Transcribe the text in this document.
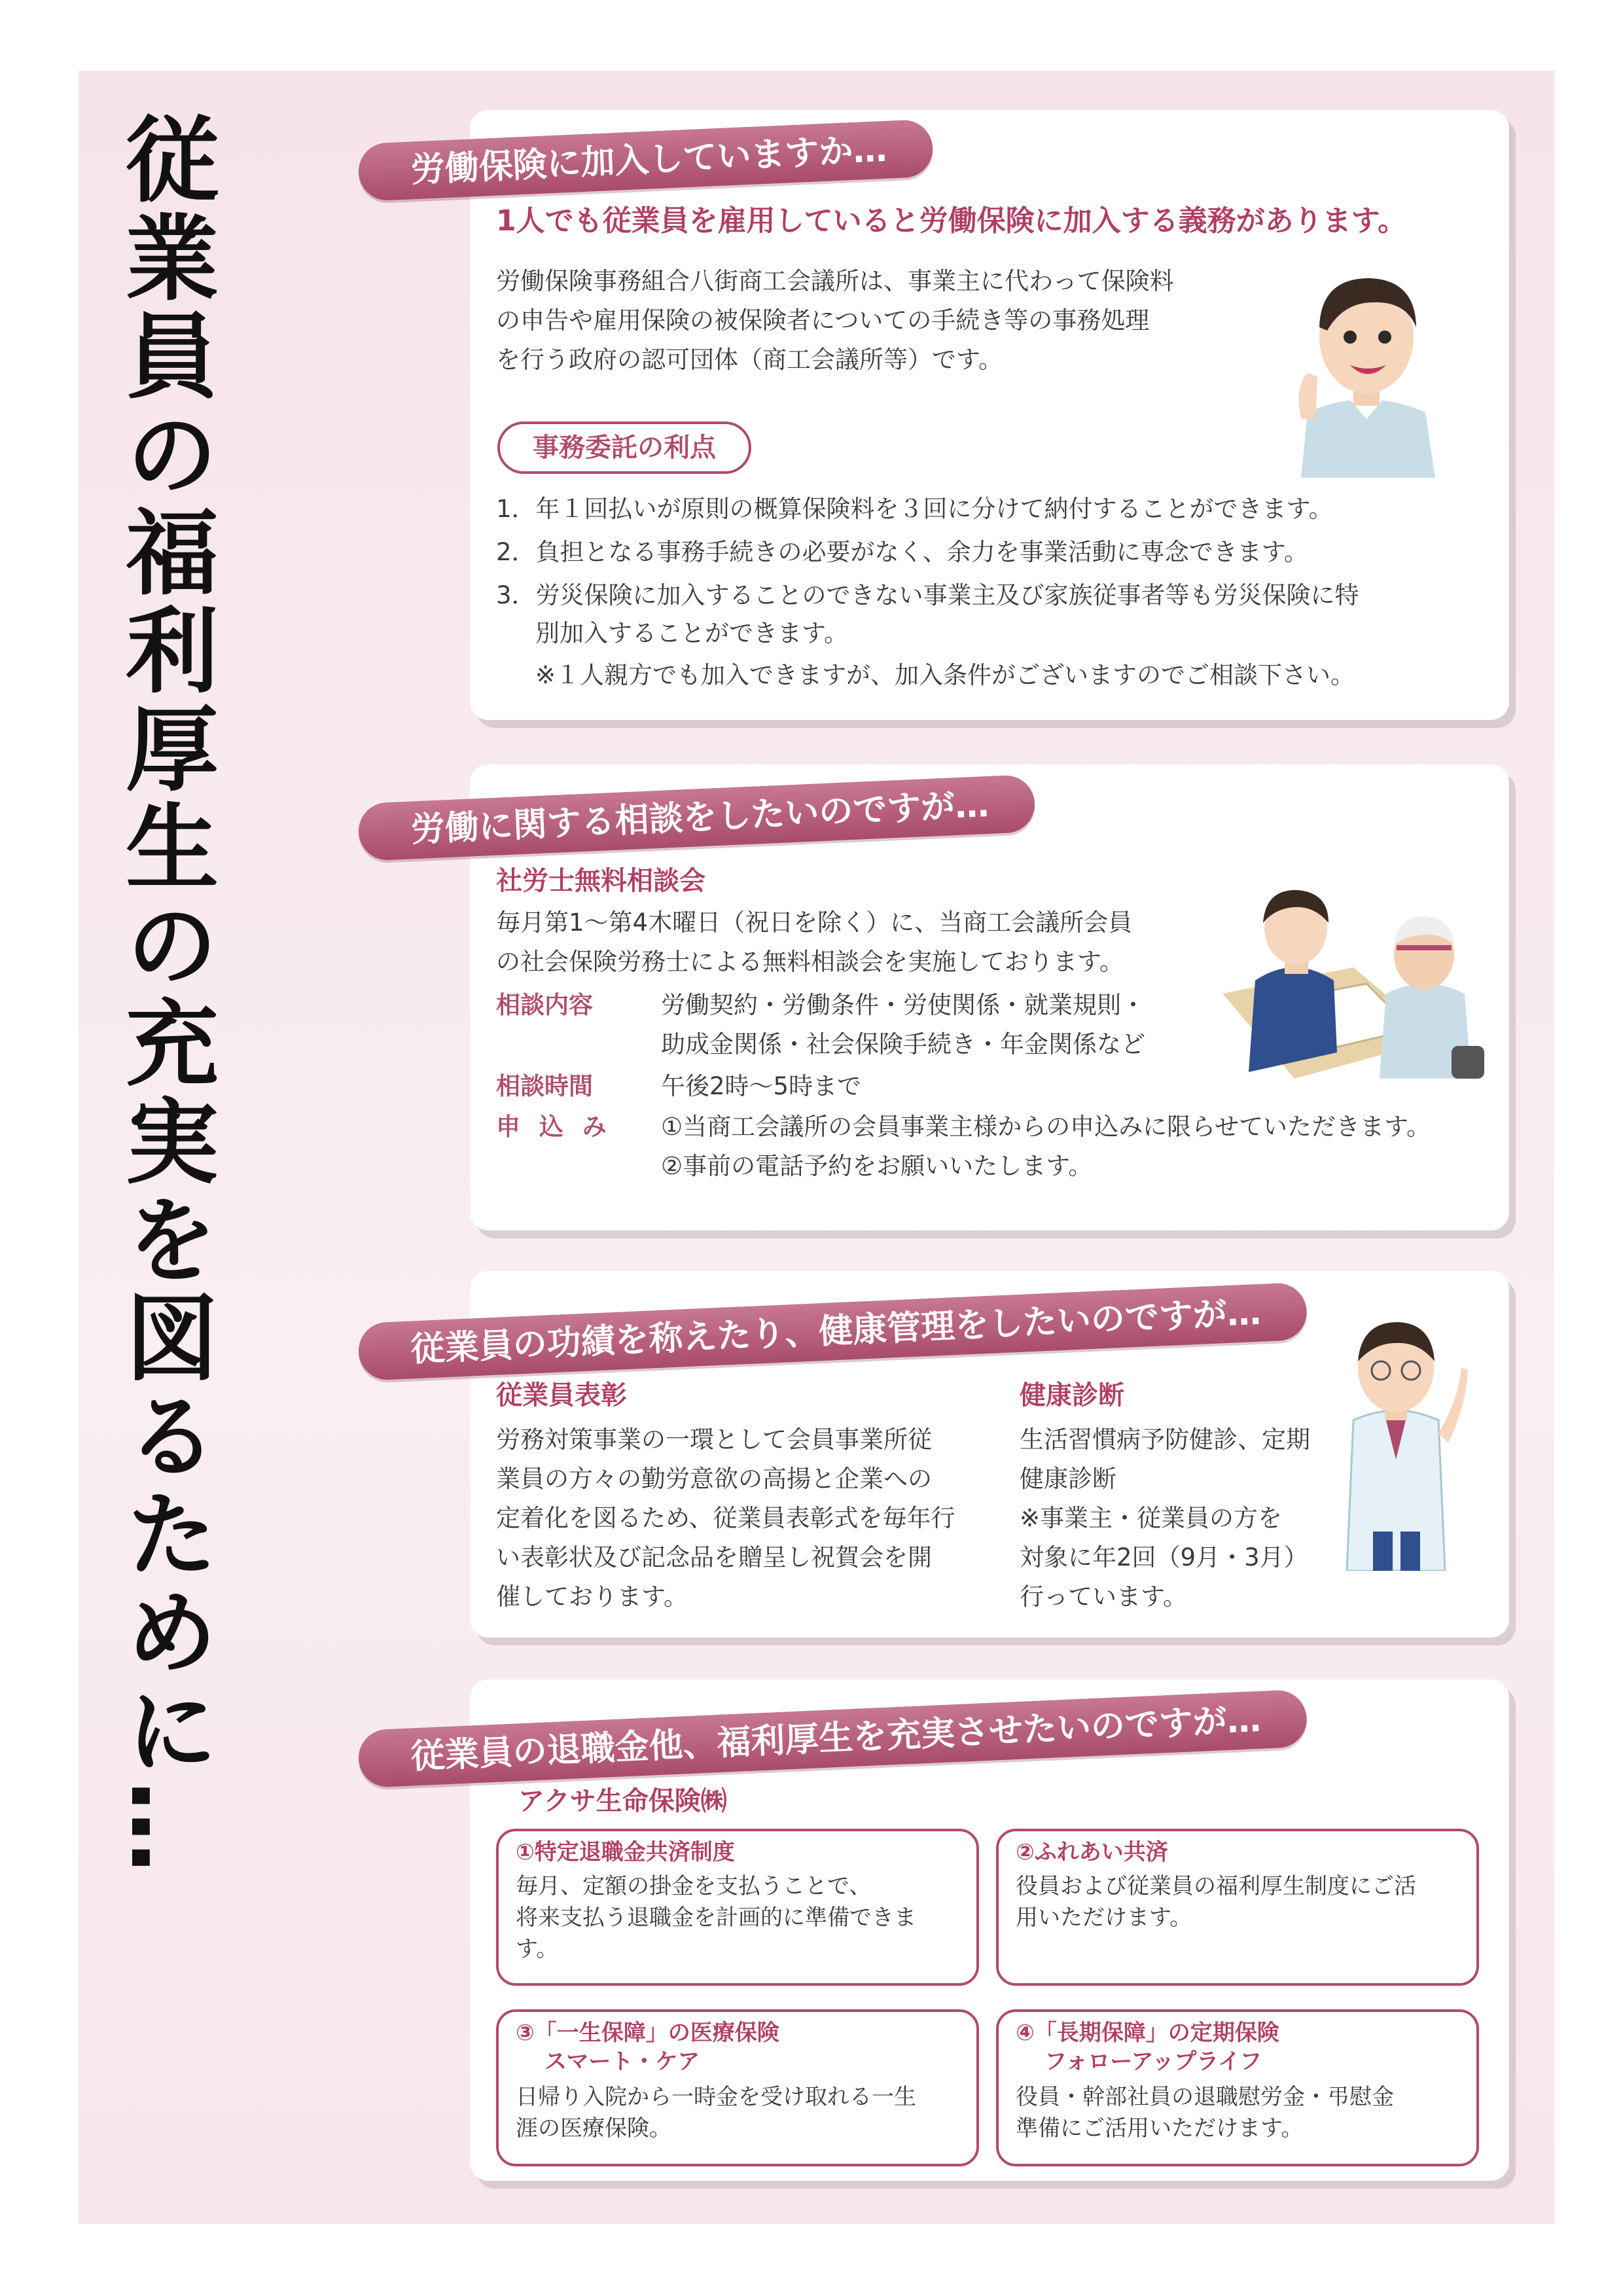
従業員の福利厚生の充実を図るために…	労働保険に加入していますか…
1人でも従業員を雇用していると労働保険に加入する義務があります。
労働保険事務組合八街商工会議所は、事業主に代わって保険料
の申告や雇用保険の被保険者についての手続き等の事務処理
を行う政府の認可団体（商工会議所等）です。
事務委託の利点
1．年１回払いが原則の概算保険料を３回に分けて納付することができます。
2．負担となる事務手続きの必要がなく、余力を事業活動に専念できます。
3．労災保険に加入することのできない事業主及び家族従事者等も労災保険に特
別加入することができます。
※１人親方でも加入できますが、加入条件がございますのでご相談下さい。
労働に関する相談をしたいのですが…
社労士無料相談会
毎月第1～第4木曜日（祝日を除く）に、当商工会議所会員
の社会保険労務士による無料相談会を実施しております。
相談内容	労働契約・労働条件・労使関係・就業規則・
助成金関係・社会保険手続き・年金関係など
相談時間	午後2時～5時まで
申 込 み ①当商工会議所の会員事業主様からの申込みに限らせていただきます。
②事前の電話予約をお願いいたします。
従業員の功績を称えたり、健康管理をしたいのですが…
従業員表彰
労務対策事業の一環として会員事業所従
業員の方々の勤労意欲の高揚と企業への
定着化を図るため、従業員表彰式を毎年行
い表彰状及び記念品を贈呈し祝賀会を開
催しております。
健康診断
生活習慣病予防健診、定期
健康診断
※事業主・従業員の方を
対象に年2回（9月・3月）
行っています。
従業員の退職金他、福利厚生を充実させたいのですが…
アクサ生命保険㈱
①特定退職金共済制度
毎月、定額の掛金を支払うことで、
将来支払う退職金を計画的に準備できま
す。
②ふれあい共済
役員および従業員の福利厚生制度にご活
用いただけます。
③「一生保障」の医療保険
スマート・ケア
日帰り入院から一時金を受け取れる一生
涯の医療保険。
④「長期保障」の定期保険
フォローアップライフ
役員・幹部社員の退職慰労金・弔慰金
準備にご活用いただけます。
